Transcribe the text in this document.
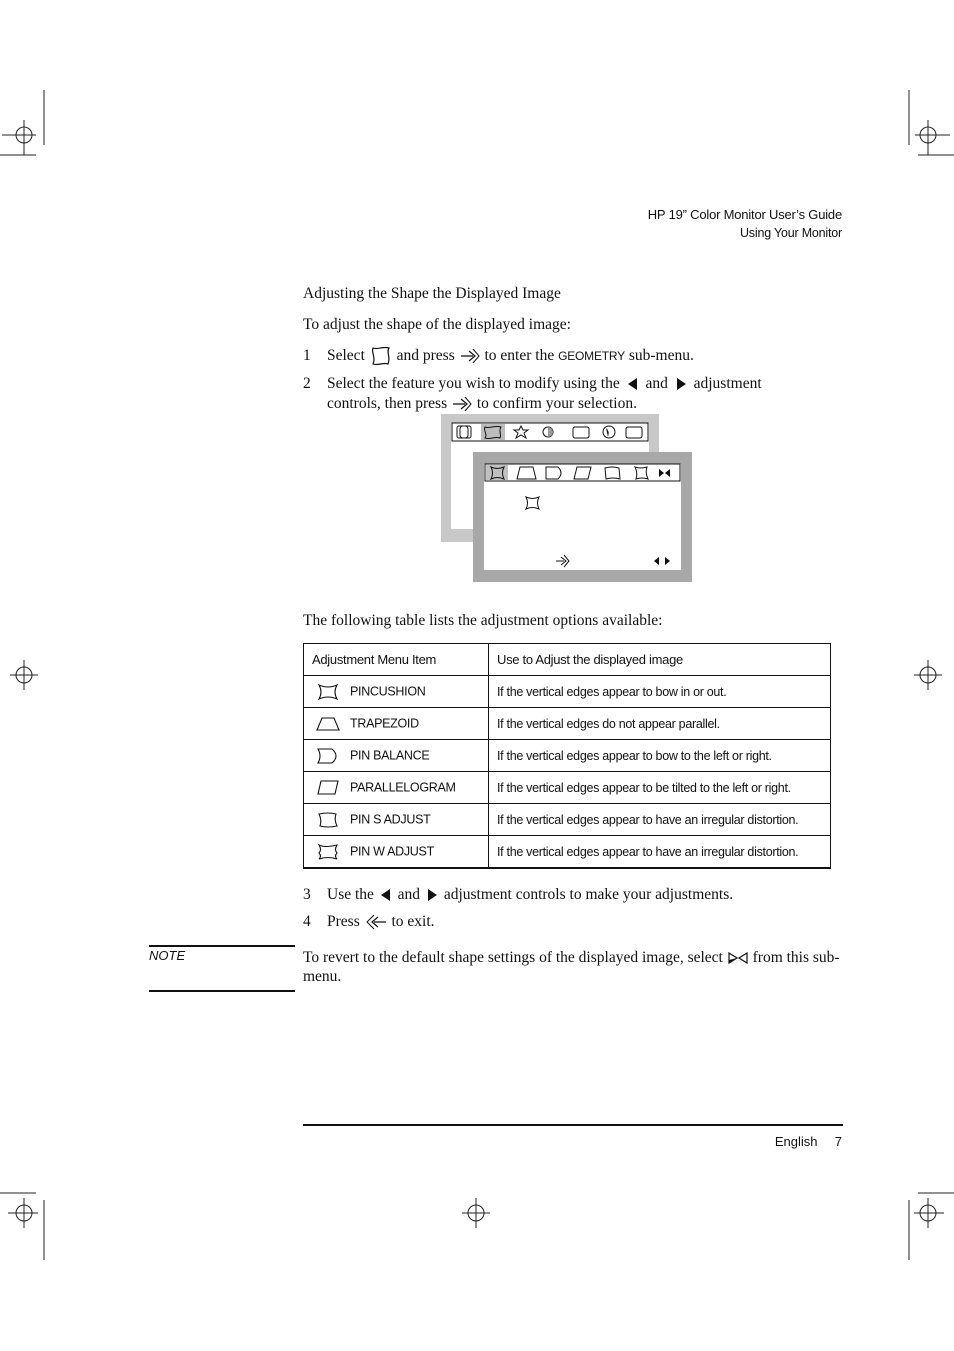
HP 19” Color Monitor User’s Guide
Using Your Monitor
Adjusting the Shape the Displayed Image
To adjust the shape of the displayed image:
1 Select and press to enter the GEOMETRY sub-menu.
2 Select the feature you wish to modify using the and adjustment
controls, then press to confirm your selection.
The following table lists the adjustment options available:
Adjustment Menu Item	Use to Adjust the displayed image
PINCUSHION	If the vertical edges appear to bow in or out.
TRAPEZOID	If the vertical edges do not appear parallel.
PIN BALANCE	If the vertical edges appear to bow to the left or right.
PARALLELOGRAM	If the vertical edges appear to be tilted to the left or right.
PIN S ADJUST	If the vertical edges appear to have an irregular distortion.
PIN W ADJUST	If the vertical edges appear to have an irregular distortion.
3 Use the and adjustment controls to make your adjustments.
4 Press to exit.
NOTE	To revert to the default shape settings of the displayed image, select from this sub-menu.
English 7
